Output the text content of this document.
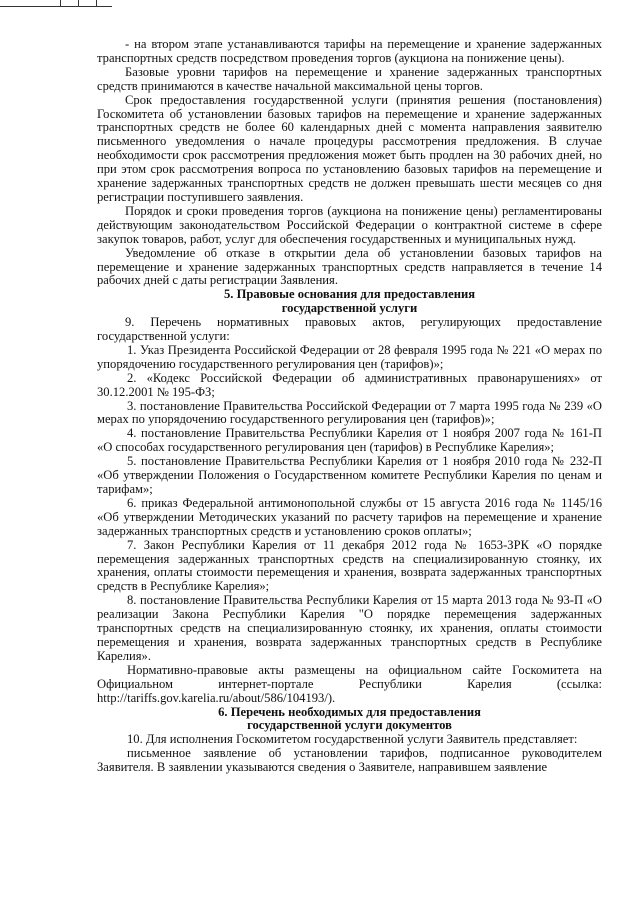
- на втором этапе устанавливаются тарифы на перемещение и хранение задержанных транспортных средств посредством проведения торгов (аукциона на понижение цены).

Базовые уровни тарифов на перемещение и хранение задержанных транспортных средств принимаются в качестве начальной максимальной цены торгов.

Срок предоставления государственной услуги (принятия решения (постановления) Госкомитета об установлении базовых тарифов на перемещение и хранение задержанных транспортных средств не более 60 календарных дней с момента направления заявителю письменного уведомления о начале процедуры рассмотрения предложения. В случае необходимости срок рассмотрения предложения может быть продлен на 30 рабочих дней, но при этом срок рассмотрения вопроса по установлению базовых тарифов на перемещение и хранение задержанных транспортных средств не должен превышать шести месяцев со дня регистрации поступившего заявления.

Порядок и сроки проведения торгов (аукциона на понижение цены) регламентированы действующим законодательством Российской Федерации о контрактной системе в сфере закупок товаров, работ, услуг для обеспечения государственных и муниципальных нужд.

Уведомление об отказе в открытии дела об установлении базовых тарифов на перемещение и хранение задержанных транспортных средств направляется в течение 14 рабочих дней с даты регистрации Заявления.

5. Правовые основания для предоставления

государственной услуги

9. Перечень нормативных правовых актов, регулирующих предоставление государственной услуги:

1. Указ Президента Российской Федерации от 28 февраля 1995 года № 221 «О мерах по упорядочению государственного регулирования цен (тарифов)»;

2. «Кодекс Российской Федерации об административных правонарушениях» от 30.12.2001 № 195-ФЗ;

3. постановление Правительства Российской Федерации от 7 марта 1995 года № 239 «О мерах по упорядочению государственного регулирования цен (тарифов)»;

4. постановление Правительства Республики Карелия от 1 ноября 2007 года № 161-П «О способах государственного регулирования цен (тарифов) в Республике Карелия»;

5. постановление Правительства Республики Карелия от 1 ноября 2010 года № 232-П «Об утверждении Положения о Государственном комитете Республики Карелия по ценам и тарифам»;

6. приказ Федеральной антимонопольной службы от 15 августа 2016 года № 1145/16 «Об утверждении Методических указаний по расчету тарифов на перемещение и хранение задержанных транспортных средств и установлению сроков оплаты»;

7. Закон Республики Карелия от 11 декабря 2012 года № 1653-ЗРК «О порядке перемещения задержанных транспортных средств на специализированную стоянку, их хранения, оплаты стоимости перемещения и хранения, возврата задержанных транспортных средств в Республике Карелия»;

8. постановление Правительства Республики Карелия от 15 марта 2013 года № 93-П «О реализации Закона Республики Карелия "О порядке перемещения задержанных транспортных средств на специализированную стоянку, их хранения, оплаты стоимости перемещения и хранения, возврата задержанных транспортных средств в Республике Карелия».

Нормативно-правовые акты размещены на официальном сайте Госкомитета на Официальном интернет-портале Республики Карелия (ссылка: http://tariffs.gov.karelia.ru/about/586/104193/).

6. Перечень необходимых для предоставления

государственной услуги документов

10. Для исполнения Госкомитетом государственной услуги Заявитель представляет:

письменное заявление об установлении тарифов, подписанное руководителем Заявителя. В заявлении указываются сведения о Заявителе, направившем заявление
